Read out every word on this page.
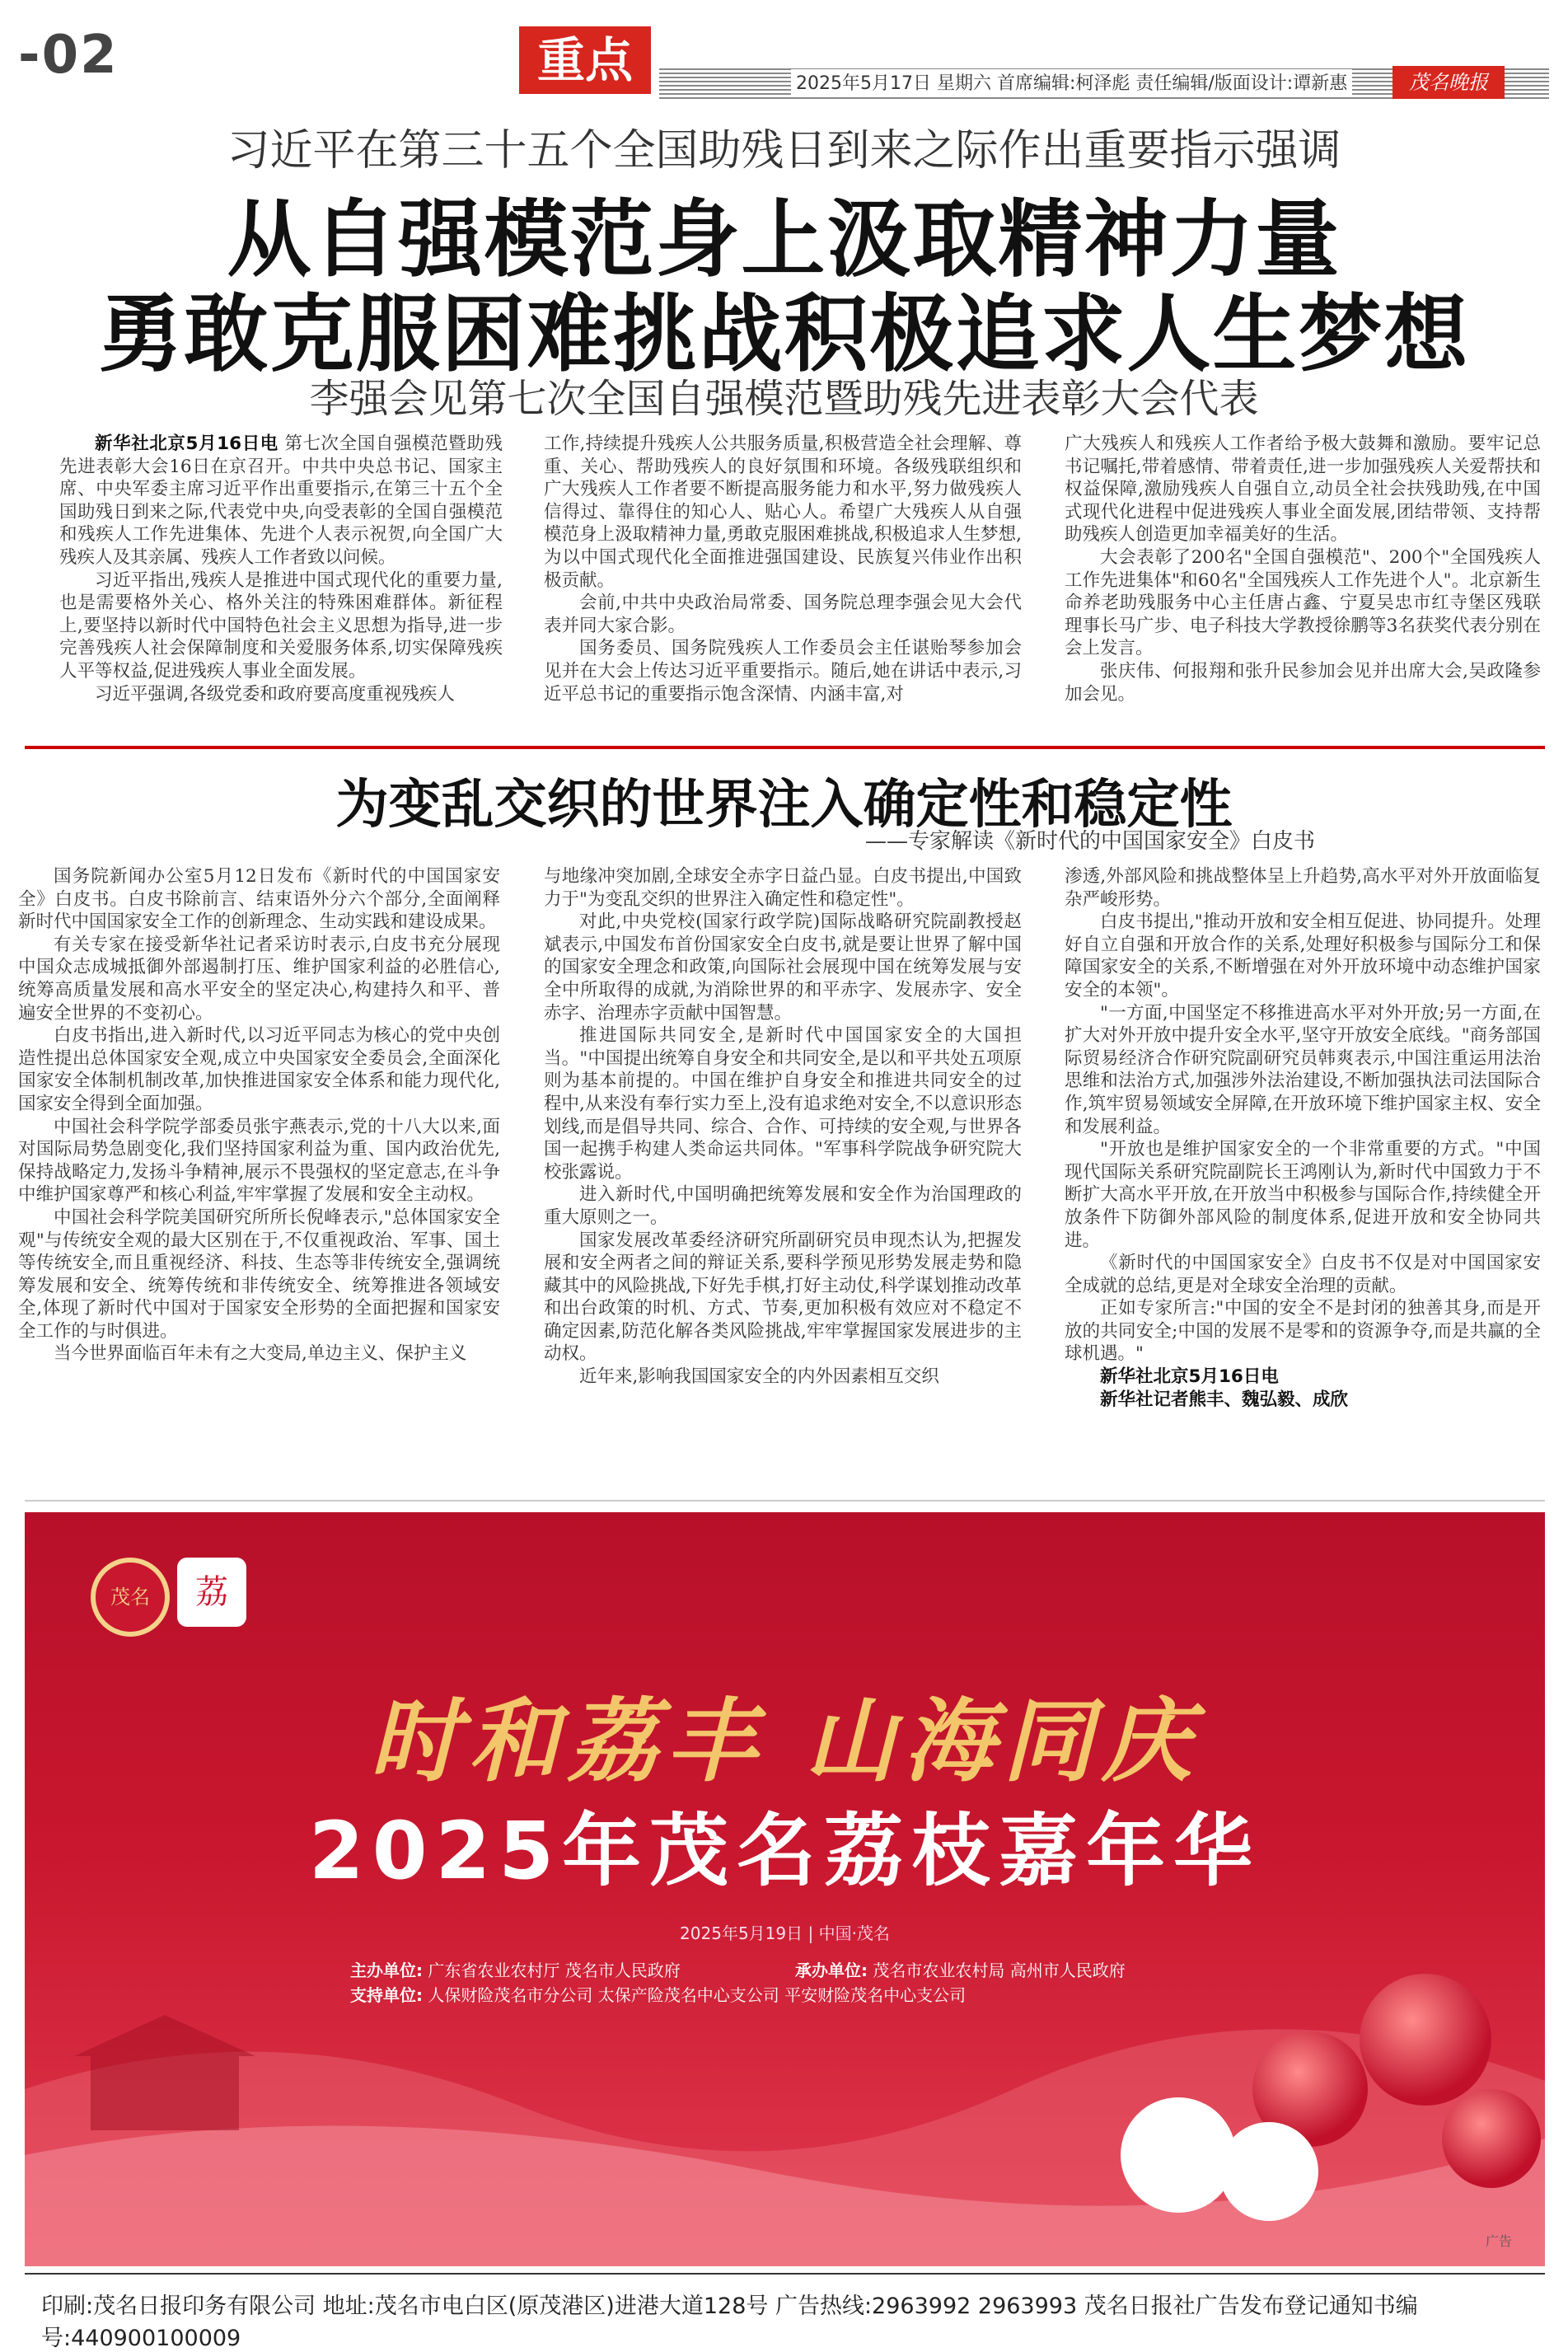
-02	重点	2025年5月17日 星期六 首席编辑:柯泽彪 责任编辑/版面设计:谭新惠	茂名晚报
习近平在第三十五个全国助残日到来之际作出重要指示强调
从自强模范身上汲取精神力量
勇敢克服困难挑战积极追求人生梦想
李强会见第七次全国自强模范暨助残先进表彰大会代表

新华社北京5月16日电 第七次全国自强模范暨助残先进表彰大会16日在京召开。中共中央总书记、国家主席、中央军委主席习近平作出重要指示,在第三十五个全国助残日到来之际,代表党中央,向受表彰的全国自强模范和残疾人工作先进集体、先进个人表示祝贺,向全国广大残疾人及其亲属、残疾人工作者致以问候。

习近平指出,残疾人是推进中国式现代化的重要力量,也是需要格外关心、格外关注的特殊困难群体。新征程上,要坚持以新时代中国特色社会主义思想为指导,进一步完善残疾人社会保障制度和关爱服务体系,切实保障残疾人平等权益,促进残疾人事业全面发展。

习近平强调,各级党委和政府要高度重视残疾人

工作,持续提升残疾人公共服务质量,积极营造全社会理解、尊重、关心、帮助残疾人的良好氛围和环境。各级残联组织和广大残疾人工作者要不断提高服务能力和水平,努力做残疾人信得过、靠得住的知心人、贴心人。希望广大残疾人从自强模范身上汲取精神力量,勇敢克服困难挑战,积极追求人生梦想,为以中国式现代化全面推进强国建设、民族复兴伟业作出积极贡献。

会前,中共中央政治局常委、国务院总理李强会见大会代表并同大家合影。

国务委员、国务院残疾人工作委员会主任谌贻琴参加会见并在大会上传达习近平重要指示。随后,她在讲话中表示,习近平总书记的重要指示饱含深情、内涵丰富,对

广大残疾人和残疾人工作者给予极大鼓舞和激励。要牢记总书记嘱托,带着感情、带着责任,进一步加强残疾人关爱帮扶和权益保障,激励残疾人自强自立,动员全社会扶残助残,在中国式现代化进程中促进残疾人事业全面发展,团结带领、支持帮助残疾人创造更加幸福美好的生活。

大会表彰了200名"全国自强模范"、200个"全国残疾人工作先进集体"和60名"全国残疾人工作先进个人"。北京新生命养老助残服务中心主任唐占鑫、宁夏吴忠市红寺堡区残联理事长马广步、电子科技大学教授徐鹏等3名获奖代表分别在会上发言。

张庆伟、何报翔和张升民参加会见并出席大会,吴政隆参加会见。

为变乱交织的世界注入确定性和稳定性
——专家解读《新时代的中国国家安全》白皮书

国务院新闻办公室5月12日发布《新时代的中国国家安全》白皮书。白皮书除前言、结束语外分六个部分,全面阐释新时代中国国家安全工作的创新理念、生动实践和建设成果。

有关专家在接受新华社记者采访时表示,白皮书充分展现中国众志成城抵御外部遏制打压、维护国家利益的必胜信心,统筹高质量发展和高水平安全的坚定决心,构建持久和平、普遍安全世界的不变初心。

白皮书指出,进入新时代,以习近平同志为核心的党中央创造性提出总体国家安全观,成立中央国家安全委员会,全面深化国家安全体制机制改革,加快推进国家安全体系和能力现代化,国家安全得到全面加强。

中国社会科学院学部委员张宇燕表示,党的十八大以来,面对国际局势急剧变化,我们坚持国家利益为重、国内政治优先,保持战略定力,发扬斗争精神,展示不畏强权的坚定意志,在斗争中维护国家尊严和核心利益,牢牢掌握了发展和安全主动权。

中国社会科学院美国研究所所长倪峰表示,"总体国家安全观"与传统安全观的最大区别在于,不仅重视政治、军事、国土等传统安全,而且重视经济、科技、生态等非传统安全,强调统筹发展和安全、统筹传统和非传统安全、统筹推进各领域安全,体现了新时代中国对于国家安全形势的全面把握和国家安全工作的与时俱进。

当今世界面临百年未有之大变局,单边主义、保护主义

与地缘冲突加剧,全球安全赤字日益凸显。白皮书提出,中国致力于"为变乱交织的世界注入确定性和稳定性"。

对此,中央党校(国家行政学院)国际战略研究院副教授赵斌表示,中国发布首份国家安全白皮书,就是要让世界了解中国的国家安全理念和政策,向国际社会展现中国在统筹发展与安全中所取得的成就,为消除世界的和平赤字、发展赤字、安全赤字、治理赤字贡献中国智慧。

推进国际共同安全,是新时代中国国家安全的大国担当。"中国提出统筹自身安全和共同安全,是以和平共处五项原则为基本前提的。中国在维护自身安全和推进共同安全的过程中,从来没有奉行实力至上,没有追求绝对安全,不以意识形态划线,而是倡导共同、综合、合作、可持续的安全观,与世界各国一起携手构建人类命运共同体。"军事科学院战争研究院大校张露说。

进入新时代,中国明确把统筹发展和安全作为治国理政的重大原则之一。

国家发展改革委经济研究所副研究员申现杰认为,把握发展和安全两者之间的辩证关系,要科学预见形势发展走势和隐藏其中的风险挑战,下好先手棋,打好主动仗,科学谋划推动改革和出台政策的时机、方式、节奏,更加积极有效应对不稳定不确定因素,防范化解各类风险挑战,牢牢掌握国家发展进步的主动权。

近年来,影响我国国家安全的内外因素相互交织

渗透,外部风险和挑战整体呈上升趋势,高水平对外开放面临复杂严峻形势。

白皮书提出,"推动开放和安全相互促进、协同提升。处理好自立自强和开放合作的关系,处理好积极参与国际分工和保障国家安全的关系,不断增强在对外开放环境中动态维护国家安全的本领"。

"一方面,中国坚定不移推进高水平对外开放;另一方面,在扩大对外开放中提升安全水平,坚守开放安全底线。"商务部国际贸易经济合作研究院副研究员韩爽表示,中国注重运用法治思维和法治方式,加强涉外法治建设,不断加强执法司法国际合作,筑牢贸易领域安全屏障,在开放环境下维护国家主权、安全和发展利益。

"开放也是维护国家安全的一个非常重要的方式。"中国现代国际关系研究院副院长王鸿刚认为,新时代中国致力于不断扩大高水平开放,在开放当中积极参与国际合作,持续健全开放条件下防御外部风险的制度体系,促进开放和安全协同共进。

《新时代的中国国家安全》白皮书不仅是对中国国家安全成就的总结,更是对全球安全治理的贡献。

正如专家所言:"中国的安全不是封闭的独善其身,而是开放的共同安全;中国的发展不是零和的资源争夺,而是共赢的全球机遇。"

新华社北京5月16日电

新华社记者熊丰、魏弘毅、成欣

茂名	荔
时和荔丰 山海同庆
2025年茂名荔枝嘉年华
2025年5月19日 | 中国·茂名
主办单位: 广东省农业农村厅 茂名市人民政府	承办单位: 茂名市农业农村局 高州市人民政府
支持单位: 人保财险茂名市分公司 太保产险茂名中心支公司 平安财险茂名中心支公司
广告
印刷:茂名日报印务有限公司 地址:茂名市电白区(原茂港区)进港大道128号 广告热线:2963992 2963993 茂名日报社广告发布登记通知书编号:440900100009
